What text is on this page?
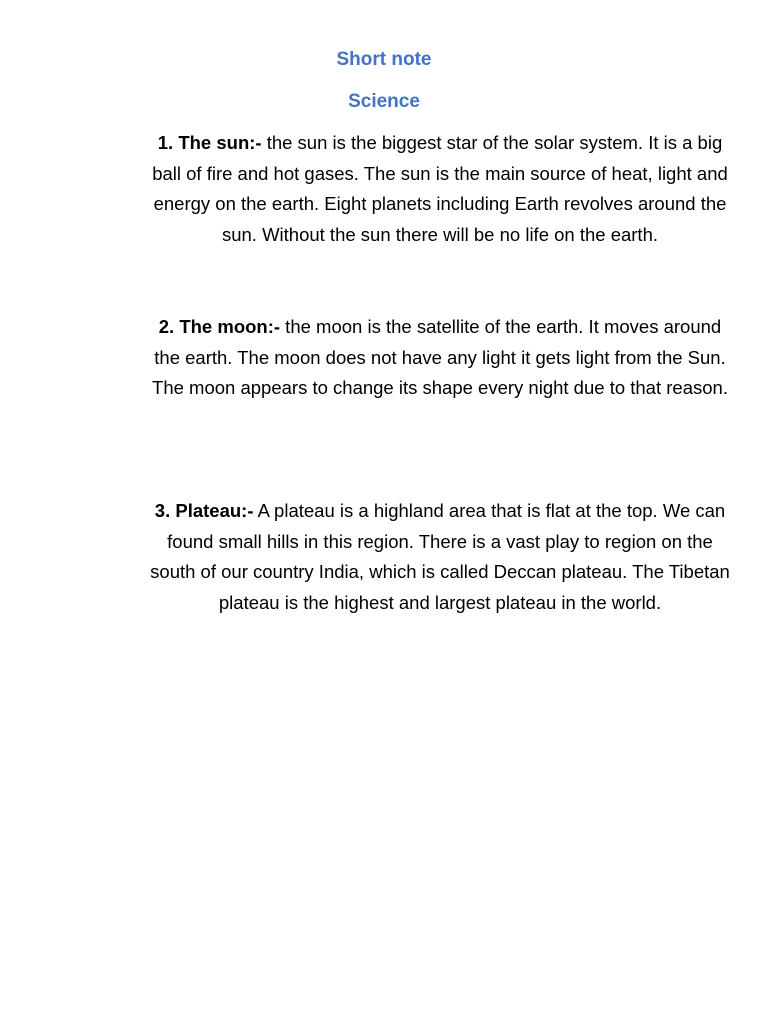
Short note
Science

1. The sun:- the sun is the biggest star of the solar system. It is a big ball of fire and hot gases. The sun is the main source of heat, light and energy on the earth. Eight planets including Earth revolves around the sun. Without the sun there will be no life on the earth.

2. The moon:- the moon is the satellite of the earth. It moves around the earth. The moon does not have any light it gets light from the Sun. The moon appears to change its shape every night due to that reason.

3. Plateau:- A plateau is a highland area that is flat at the top. We can found small hills in this region. There is a vast play to region on the south of our country India, which is called Deccan plateau. The Tibetan plateau is the highest and largest plateau in the world.
